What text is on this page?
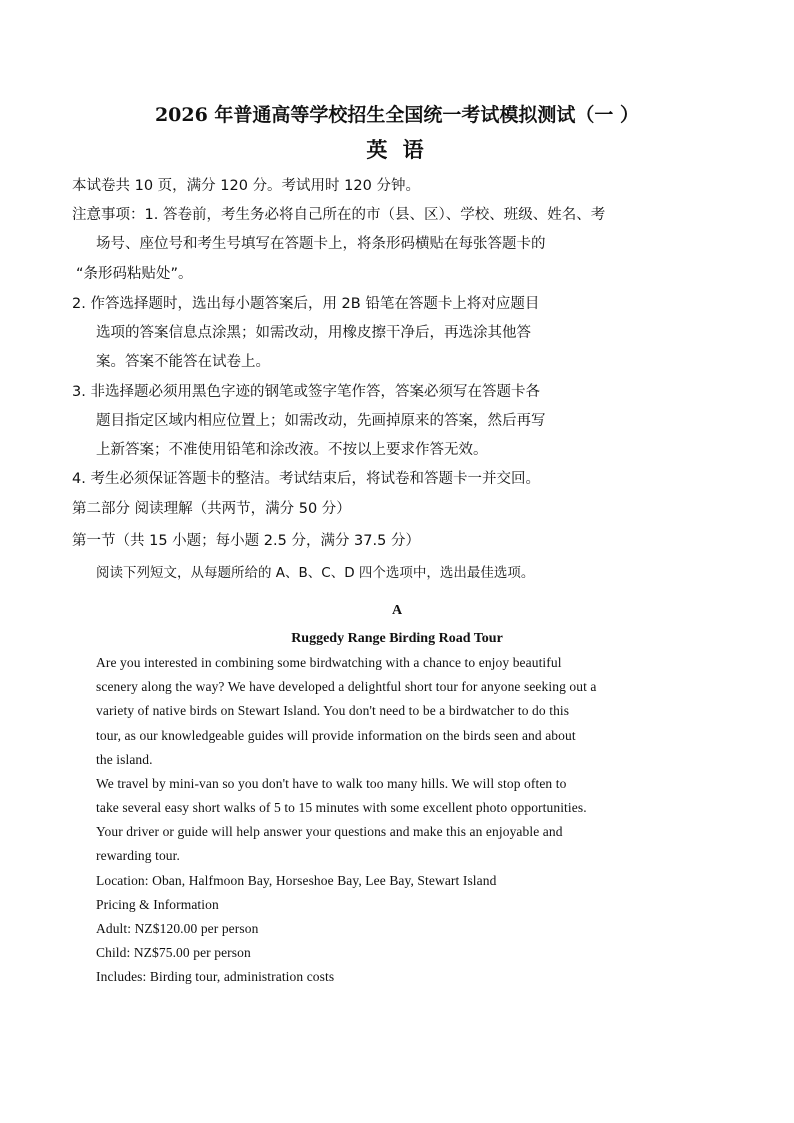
2026 年普通高等学校招生全国统一考试模拟测试（一 ）
英 语
本试卷共 10 页，满分 120 分。考试用时 120 分钟。
注意事项：1. 答卷前，考生务必将自己所在的市（县、区）、学校、班级、姓名、考
场号、座位号和考生号填写在答题卡上，将条形码横贴在每张答题卡的
“条形码粘贴处”。
2. 作答选择题时，选出每小题答案后，用 2B 铅笔在答题卡上将对应题目
选项的答案信息点涂黑；如需改动，用橡皮擦干净后，再选涂其他答
案。答案不能答在试卷上。
3. 非选择题必须用黑色字迹的钢笔或签字笔作答，答案必须写在答题卡各
题目指定区域内相应位置上；如需改动，先画掉原来的答案，然后再写
上新答案；不准使用铅笔和涂改液。不按以上要求作答无效。
4. 考生必须保证答题卡的整洁。考试结束后，将试卷和答题卡一并交回。
第二部分 阅读理解（共两节，满分 50 分）
第一节（共 15 小题；每小题 2.5 分，满分 37.5 分）
阅读下列短文，从每题所给的 A、B、C、D 四个选项中，选出最佳选项。
A
Ruggedy Range Birding Road Tour
Are you interested in combining some birdwatching with a chance to enjoy beautiful
scenery along the way? We have developed a delightful short tour for anyone seeking out a
variety of native birds on Stewart Island. You don't need to be a birdwatcher to do this
tour, as our knowledgeable guides will provide information on the birds seen and about
the island.
We travel by mini-van so you don't have to walk too many hills. We will stop often to
take several easy short walks of 5 to 15 minutes with some excellent photo opportunities.
Your driver or guide will help answer your questions and make this an enjoyable and
rewarding tour.
Location: Oban, Halfmoon Bay, Horseshoe Bay, Lee Bay, Stewart Island
Pricing & Information
Adult: NZ$120.00 per person
Child: NZ$75.00 per person
Includes: Birding tour, administration costs
